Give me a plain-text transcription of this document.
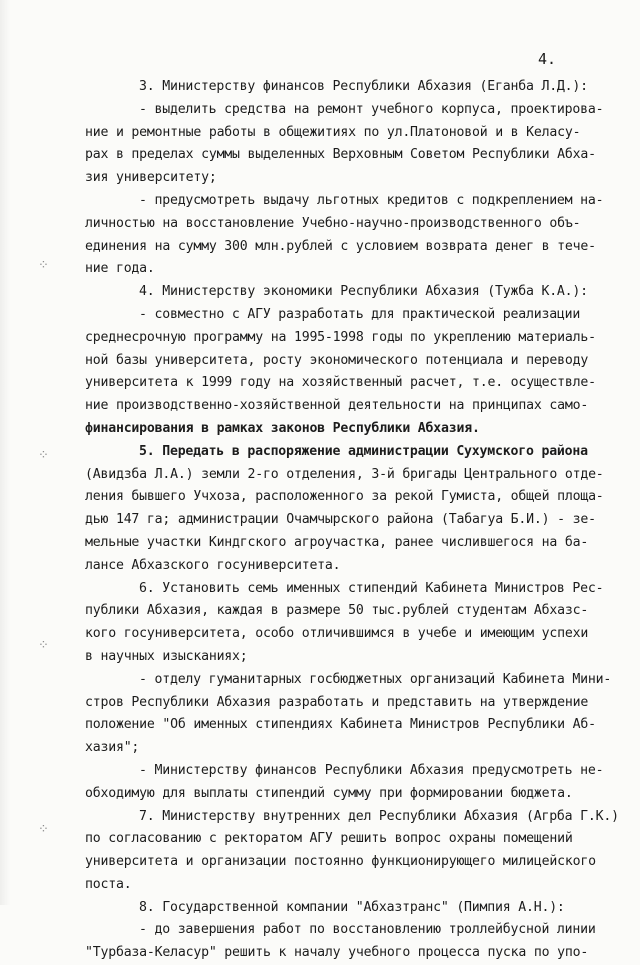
4.
⁘
⁘
⁘
⁘
3. Министерству финансов Республики Абхазия (Еганба Л.Д.):
- выделить средства на ремонт учебного корпуса, проектирова-
ние и ремонтные работы в общежитиях по ул.Платоновой и в Келасу-
рах в пределах суммы выделенных Верховным Советом Республики Абха-
зия университету;
- предусмотреть выдачу льготных кредитов с подкреплением на-
личностью на восстановление Учебно-научно-производственного объ-
единения на сумму 300 млн.рублей с условием возврата денег в тече-
ние года.
4. Министерству экономики Республики Абхазия (Тужба К.А.):
- совместно с АГУ разработать для практической реализации
среднесрочную программу на 1995-1998 годы по укреплению материаль-
ной базы университета, росту экономического потенциала и переводу
университета к 1999 году на хозяйственный расчет, т.е. осуществле-
ние производственно-хозяйственной деятельности на принципах само-
финансирования в рамках законов Республики Абхазия.
5. Передать в распоряжение администрации Сухумского района
(Авидзба Л.А.) земли 2-го отделения, 3-й бригады Центрального отде-
ления бывшего Учхоза, расположенного за рекой Гумиста, общей площа-
дью 147 га; администрации Очамчырского района (Табагуа Б.И.) - зе-
мельные участки Киндгского агроучастка, ранее числившегося на ба-
лансе Абхазского госуниверситета.
6. Установить семь именных стипендий Кабинета Министров Рес-
публики Абхазия, каждая в размере 50 тыс.рублей студентам Абхазс-
кого госуниверситета, особо отличившимся в учебе и имеющим успехи
в научных изысканиях;
- отделу гуманитарных госбюджетных организаций Кабинета Мини-
стров Республики Абхазия разработать и представить на утверждение
положение "Об именных стипендиях Кабинета Министров Республики Аб-
хазия";
- Министерству финансов Республики Абхазия предусмотреть не-
обходимую для выплаты стипендий сумму при формировании бюджета.
7. Министерству внутренних дел Республики Абхазия (Агрба Г.К.)
по согласованию с ректоратом АГУ решить вопрос охраны помещений
университета и организации постоянно функционирующего милицейского
поста.
8. Государственной компании "Абхазтранс" (Пимпия А.Н.):
- до завершения работ по восстановлению троллейбусной линии
"Турбаза-Келасур" решить к началу учебного процесса пуска по упо-
